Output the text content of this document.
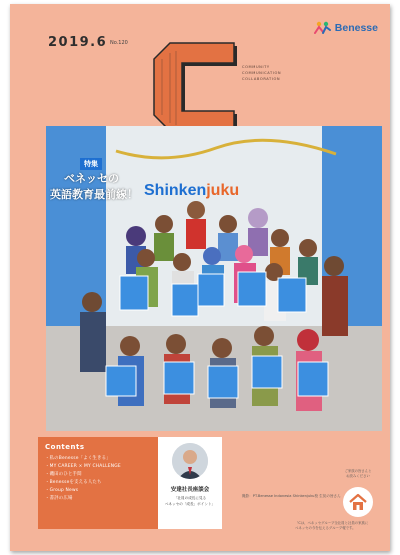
2019.6 No.120
Benesse
COMMUNITY
COMMUNICATION
COLLABORATION
特集
ベネッセの
英語教育最前線！ Shinkenjuku
撮影：PT.Benesse Indonesia Shinkenjuku校 生徒の皆さん
Contents
・ 私のBenesse「よく生きる」
・ MY CAREER × MY CHALLENGE
・ 磯田のひと手間
・ Benesseを支える人たち
・ Group News
・ 書評の広場
安達社長座談会
「社員の成長に見る
ベネッセの「成長」ポイント」
ご家族の皆さんと
お読みください
「Cは、ベネッセグループ全社員と社員の家族に
ベネッセの今を伝えるグループ報です。
